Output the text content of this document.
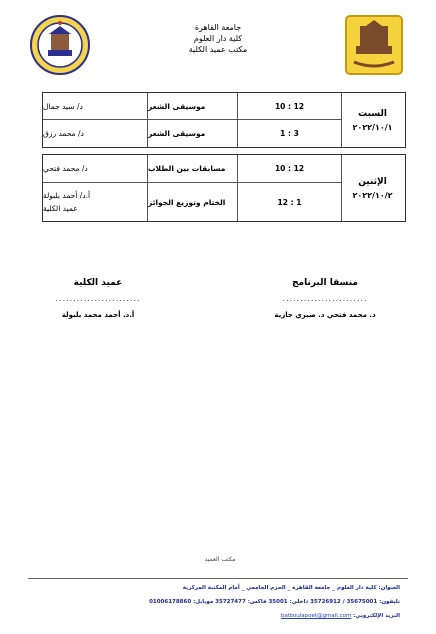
جامعة القاهرة
كلية دار العلوم
مكتب عميد الكلية
د/ سيد جمال	موسيقى الشعر	10 : 12
د/ محمد رزق	موسيقى الشعر	1 : 3
السبت
٢٠٢٢/١٠/١
د/ محمد فتحي	مسابقات بين الطلاب	10 : 12
أ.د/ أحمد بلبولة
عميد الكلية
الختام وتوزيع الجوائز	12 : 1
الإثنين
٢٠٢٢/١٠/٢
منسقا البرنامج
........................
د. محمد فتحي د. صبري جازية
عميد الكلية
........................
أ.د. أحمد محمد بلبولة
مكتب العميد
العنوان: كلية دار العلوم _ جامعة القاهرة _ الحرم الجامعي _ أمام المكتبة المركزية
تليفون: 35675001 / 35726912 داخلي: 35001 فاكس: 35727477 موبايل: 01006178860
البريد الإلكتروني: balboulapoet@gmail.com
